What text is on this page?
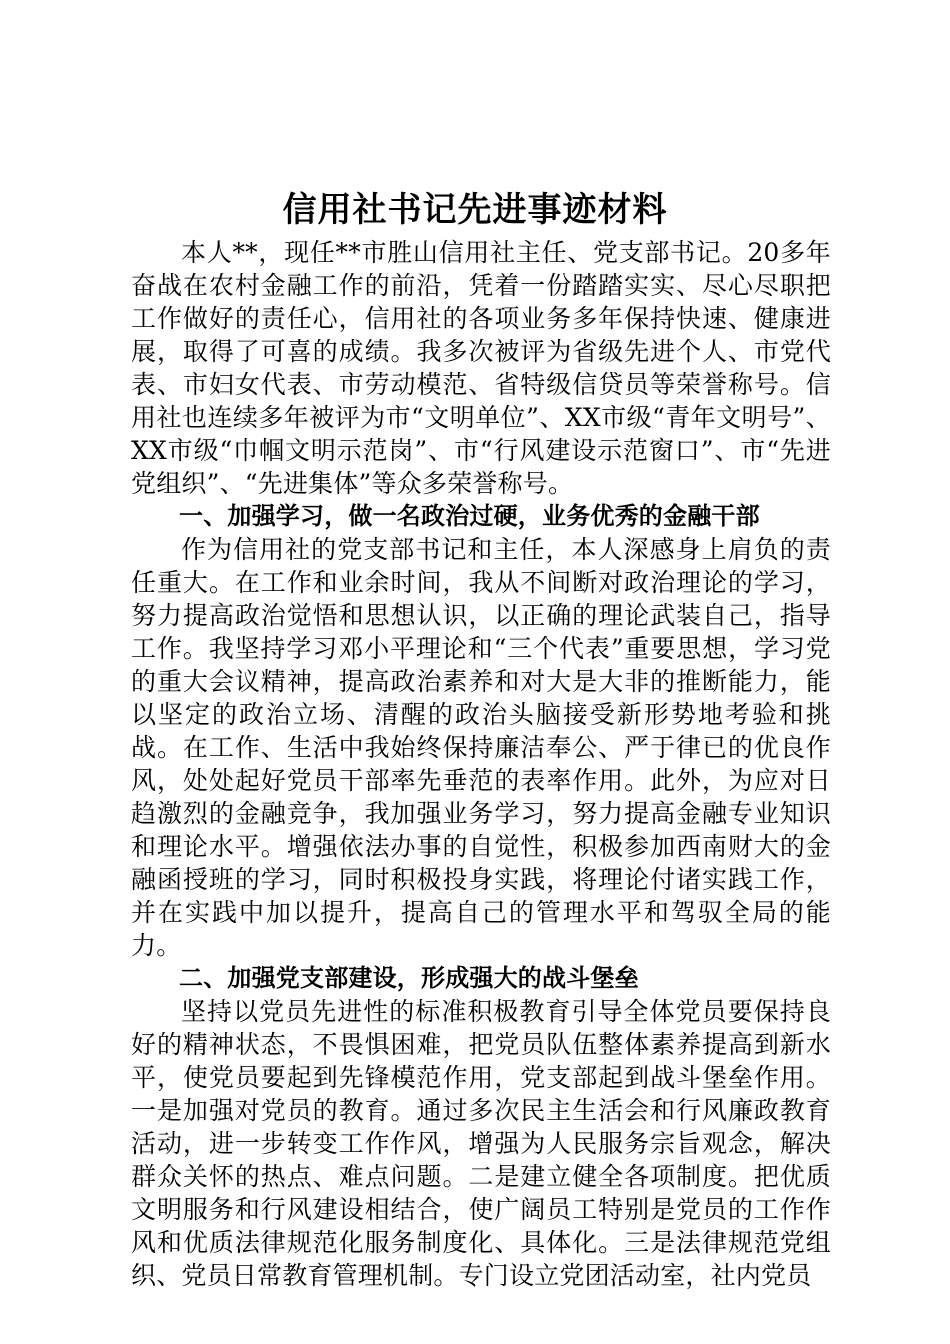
信用社书记先进事迹材料

本人**，现任**市胜山信用社主任、党支部书记。20多年奋战在农村金融工作的前沿，凭着一份踏踏实实、尽心尽职把工作做好的责任心，信用社的各项业务多年保持快速、健康进展，取得了可喜的成绩。我多次被评为省级先进个人、市党代表、市妇女代表、市劳动模范、省特级信贷员等荣誉称号。信用社也连续多年被评为市“文明单位”、XX市级“青年文明号”、XX市级“巾帼文明示范岗”、市“行风建设示范窗口”、市“先进党组织”、“先进集体”等众多荣誉称号。

一、加强学习，做一名政治过硬，业务优秀的金融干部

作为信用社的党支部书记和主任，本人深感身上肩负的责任重大。在工作和业余时间，我从不间断对政治理论的学习，努力提高政治觉悟和思想认识，以正确的理论武装自己，指导工作。我坚持学习邓小平理论和“三个代表”重要思想，学习党的重大会议精神，提高政治素养和对大是大非的推断能力，能以坚定的政治立场、清醒的政治头脑接受新形势地考验和挑战。在工作、生活中我始终保持廉洁奉公、严于律已的优良作风，处处起好党员干部率先垂范的表率作用。此外，为应对日趋激烈的金融竞争，我加强业务学习，努力提高金融专业知识和理论水平。增强依法办事的自觉性，积极参加西南财大的金融函授班的学习，同时积极投身实践，将理论付诸实践工作，并在实践中加以提升，提高自己的管理水平和驾驭全局的能力。

二、加强党支部建设，形成强大的战斗堡垒

坚持以党员先进性的标准积极教育引导全体党员要保持良好的精神状态，不畏惧困难，把党员队伍整体素养提高到新水平，使党员要起到先锋模范作用，党支部起到战斗堡垒作用。一是加强对党员的教育。通过多次民主生活会和行风廉政教育活动，进一步转变工作作风，增强为人民服务宗旨观念，解决群众关怀的热点、难点问题。二是建立健全各项制度。把优质文明服务和行风建设相结合，使广阔员工特别是党员的工作作风和优质法律规范化服务制度化、具体化。三是法律规范党组织、党员日常教育管理机制。专门设立党团活动室，社内党员
